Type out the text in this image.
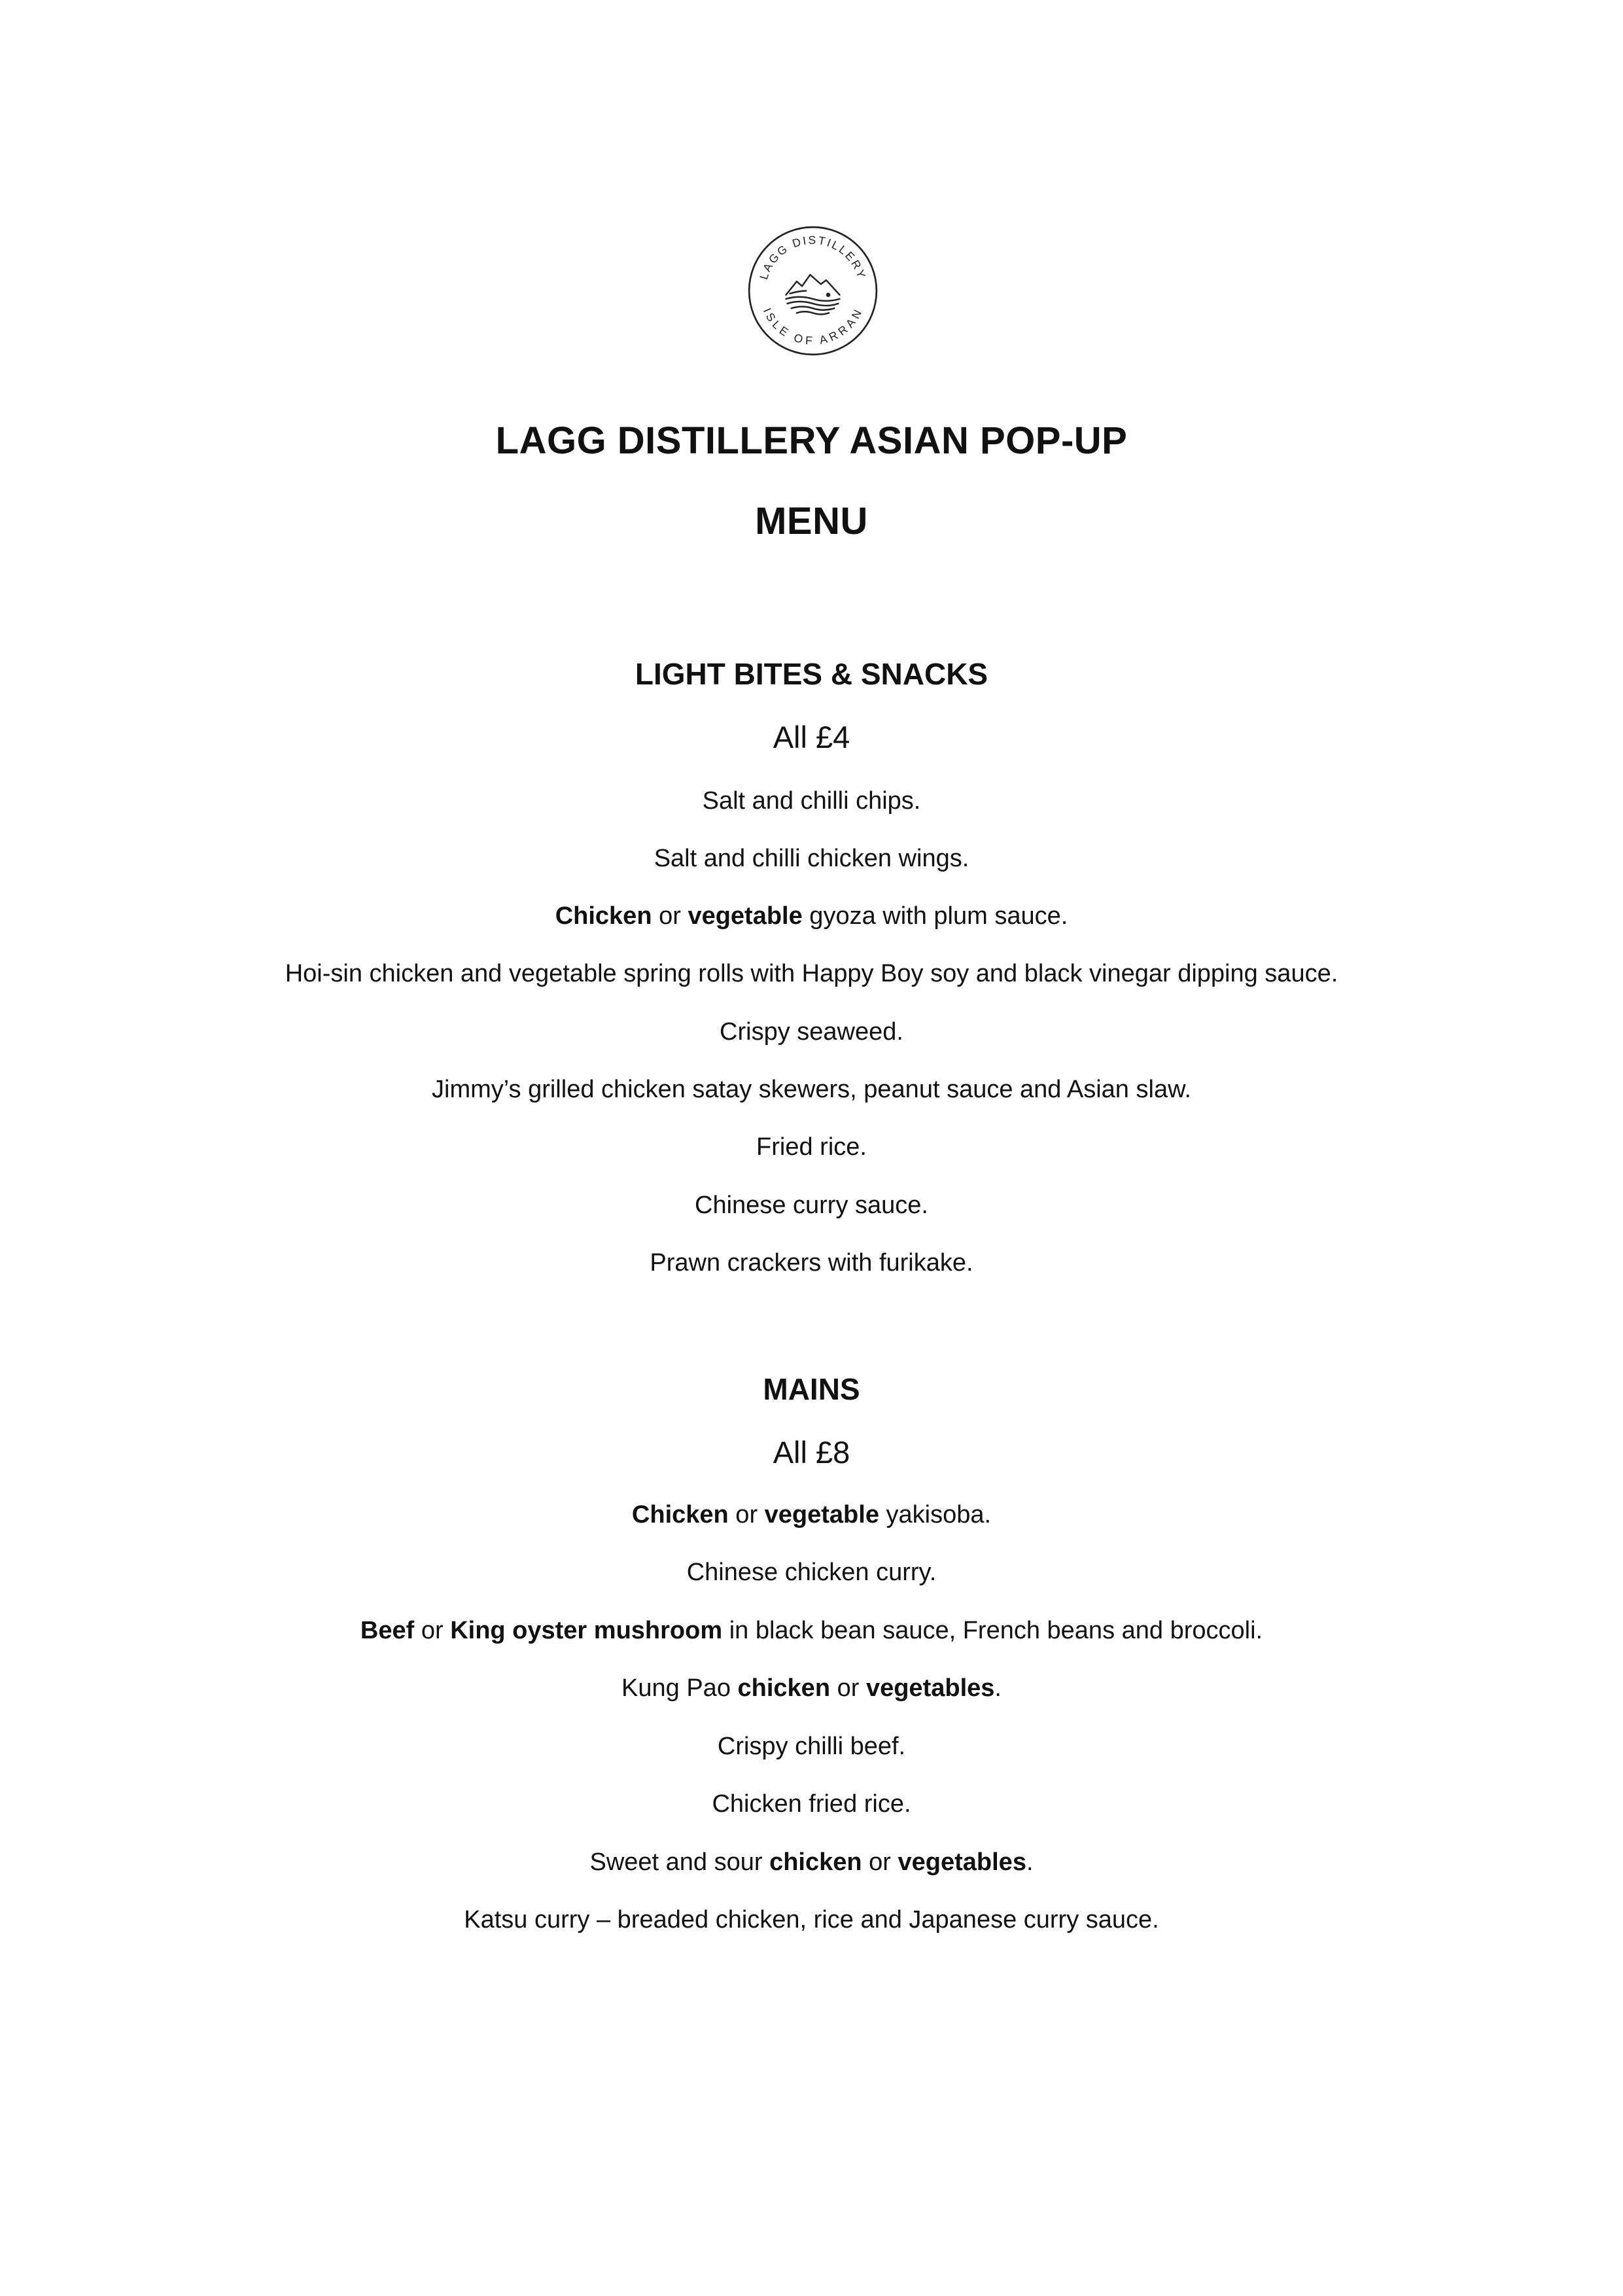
LAGG DISTILLERY
ISLE OF ARRAN
LAGG DISTILLERY ASIAN POP-UP
MENU
LIGHT BITES & SNACKS
All £4
Salt and chilli chips.
Salt and chilli chicken wings.
Chicken or vegetable gyoza with plum sauce.
Hoi-sin chicken and vegetable spring rolls with Happy Boy soy and black vinegar dipping sauce.
Crispy seaweed.
Jimmy’s grilled chicken satay skewers, peanut sauce and Asian slaw.
Fried rice.
Chinese curry sauce.
Prawn crackers with furikake.
MAINS
All £8
Chicken or vegetable yakisoba.
Chinese chicken curry.
Beef or King oyster mushroom in black bean sauce, French beans and broccoli.
Kung Pao chicken or vegetables.
Crispy chilli beef.
Chicken fried rice.
Sweet and sour chicken or vegetables.
Katsu curry – breaded chicken, rice and Japanese curry sauce.
